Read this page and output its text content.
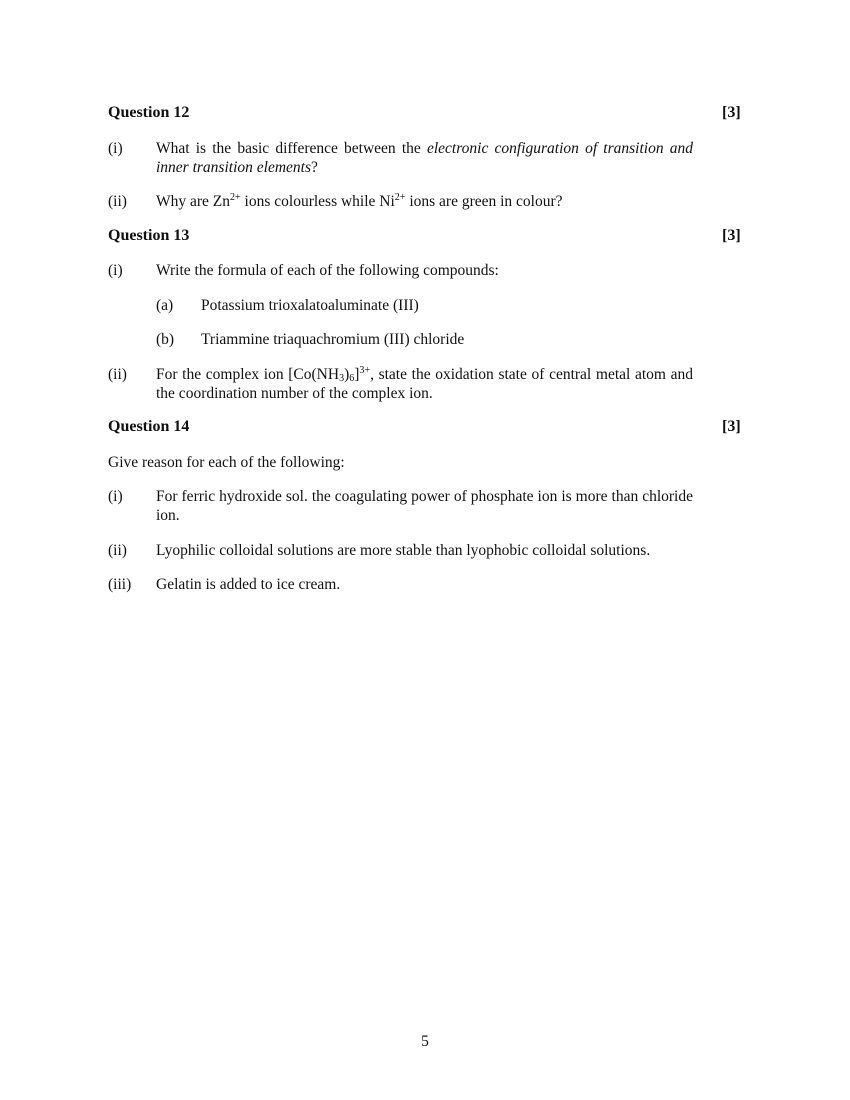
Question 12	[3]
(i)	What is the basic difference between the electronic configuration of transition and inner transition elements?
(ii)	Why are $Zn^{2+}$ ions colourless while $Ni^{2+}$ ions are green in colour?
Question 13	[3]
(i)	Write the formula of each of the following compounds:
(a) Potassium trioxalatoaluminate (III)
(b) Triammine triaquachromium (III) chloride
(ii)	For the complex ion $[Co(NH_3)_6]^{3+}$, state the oxidation state of central metal atom and the coordination number of the complex ion.
Question 14	[3]
Give reason for each of the following:
(i)	For ferric hydroxide sol. the coagulating power of phosphate ion is more than chloride ion.
(ii)	Lyophilic colloidal solutions are more stable than lyophobic colloidal solutions.
(iii)	Gelatin is added to ice cream.
5
